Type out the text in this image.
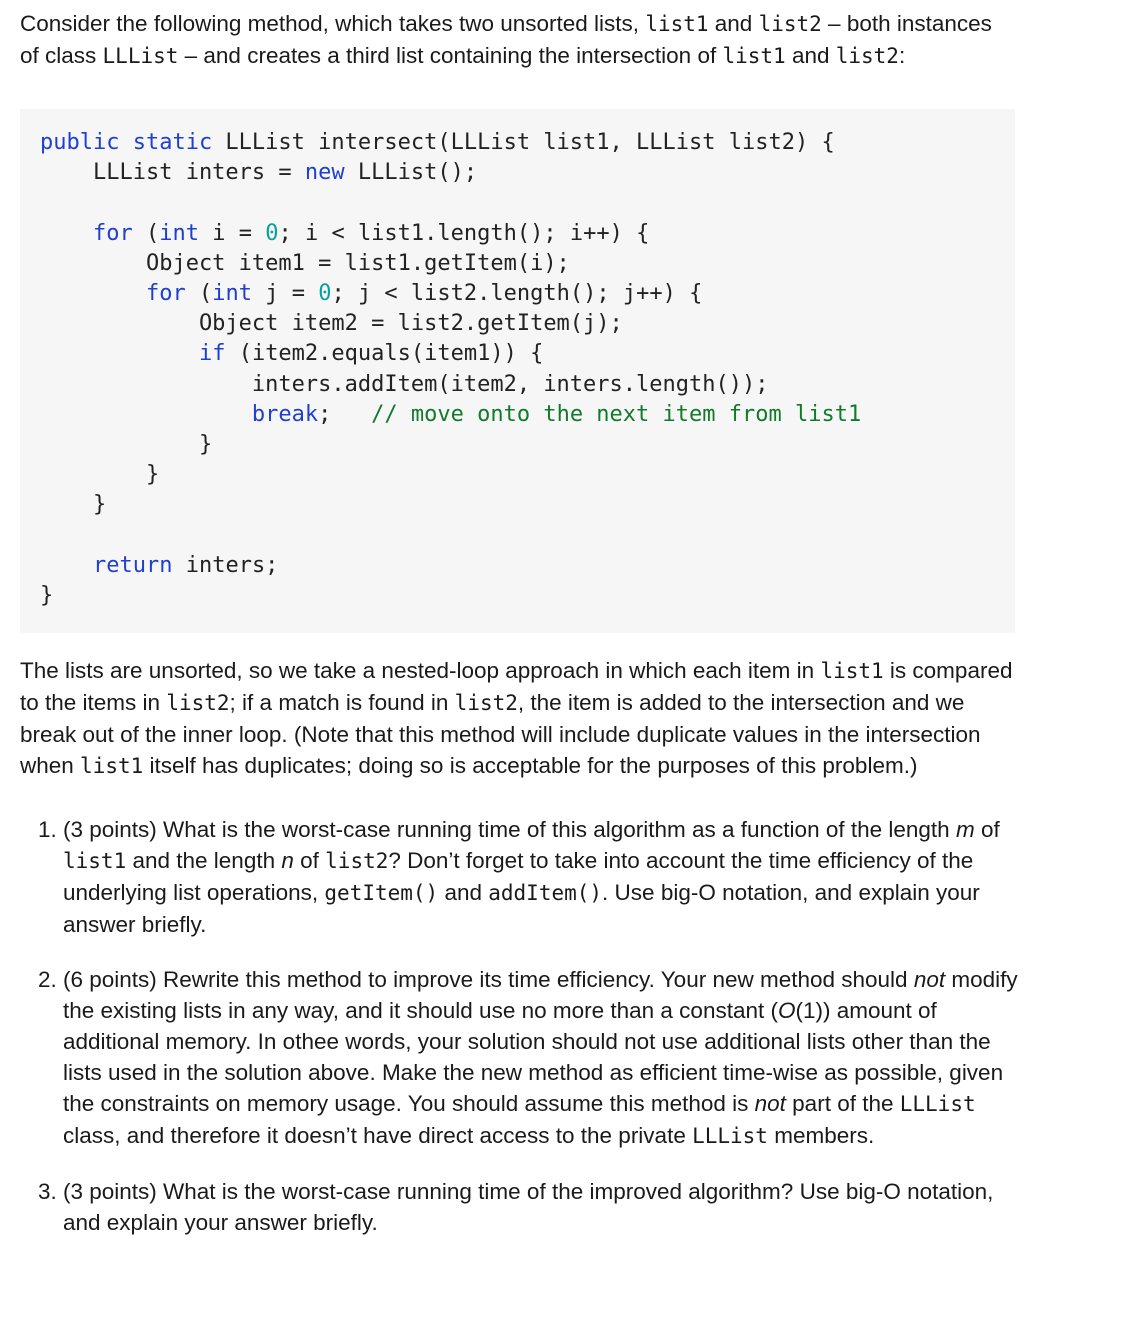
Consider the following method, which takes two unsorted lists, list1 and list2 – both instances of class LLList – and creates a third list containing the intersection of list1 and list2:

public static LLList intersect(LLList list1, LLList list2) {
LLList inters = new LLList();
for (int i = 0; i < list1.length(); i++) {
Object item1 = list1.getItem(i);
for (int j = 0; j < list2.length(); j++) {
Object item2 = list2.getItem(j);
if (item2.equals(item1)) {
inters.addItem(item2, inters.length());
break;   // move onto the next item from list1
}
}
}
return inters;
}

The lists are unsorted, so we take a nested-loop approach in which each item in list1 is compared to the items in list2; if a match is found in list2, the item is added to the intersection and we break out of the inner loop. (Note that this method will include duplicate values in the intersection when list1 itself has duplicates; doing so is acceptable for the purposes of this problem.)

1. (3 points) What is the worst-case running time of this algorithm as a function of the length m of list1 and the length n of list2? Don’t forget to take into account the time efficiency of the underlying list operations, getItem() and addItem(). Use big-O notation, and explain your answer briefly.
2. (6 points) Rewrite this method to improve its time efficiency. Your new method should not modify the existing lists in any way, and it should use no more than a constant (O(1)) amount of additional memory. In othee words, your solution should not use additional lists other than the lists used in the solution above. Make the new method as efficient time-wise as possible, given the constraints on memory usage. You should assume this method is not part of the LLList class, and therefore it doesn’t have direct access to the private LLList members.
3. (3 points) What is the worst-case running time of the improved algorithm? Use big-O notation, and explain your answer briefly.
